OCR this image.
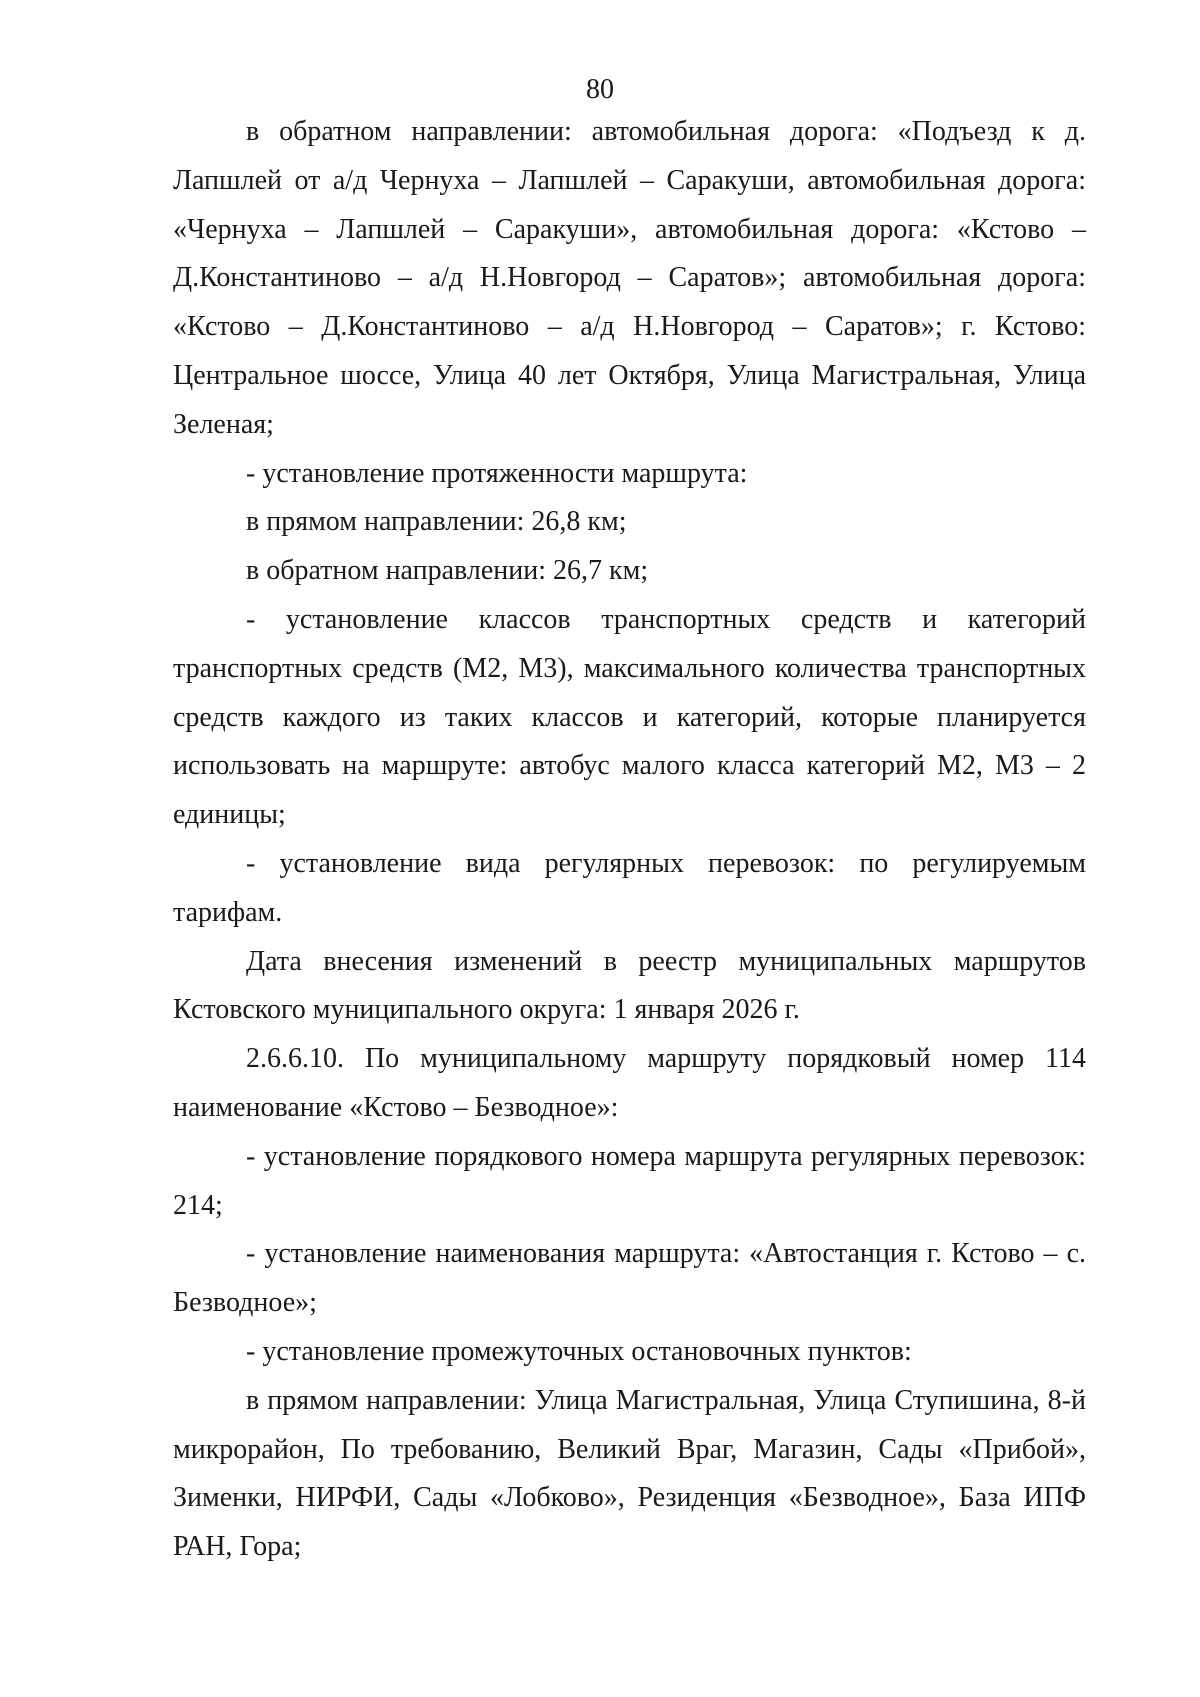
80

в обратном направлении: автомобильная дорога: «Подъезд к д. Лапшлей от а/д Чернуха – Лапшлей – Саракуши, автомобильная дорога: «Чернуха – Лапшлей – Саракуши», автомобильная дорога: «Кстово – Д.Константиново – а/д Н.Новгород – Саратов»; автомобильная дорога: «Кстово – Д.Константиново – а/д Н.Новгород – Саратов»; г. Кстово: Центральное шоссе, Улица 40 лет Октября, Улица Магистральная, Улица Зеленая;

- установление протяженности маршрута:

в прямом направлении: 26,8 км;

в обратном направлении: 26,7 км;

- установление классов транспортных средств и категорий транспортных средств (М2, М3), максимального количества транспортных средств каждого из таких классов и категорий, которые планируется использовать на маршруте: автобус малого класса категорий М2, М3 – 2 единицы;

- установление вида регулярных перевозок: по регулируемым тарифам.

Дата внесения изменений в реестр муниципальных маршрутов Кстовского муниципального округа: 1 января 2026 г.

2.6.6.10. По муниципальному маршруту порядковый номер 114 наименование «Кстово – Безводное»:

- установление порядкового номера маршрута регулярных перевозок: 214;

- установление наименования маршрута: «Автостанция г. Кстово – с. Безводное»;

- установление промежуточных остановочных пунктов:

в прямом направлении: Улица Магистральная, Улица Ступишина, 8-й микрорайон, По требованию, Великий Враг, Магазин, Сады «Прибой», Зименки, НИРФИ, Сады «Лобково», Резиденция «Безводное», База ИПФ РАН, Гора;
